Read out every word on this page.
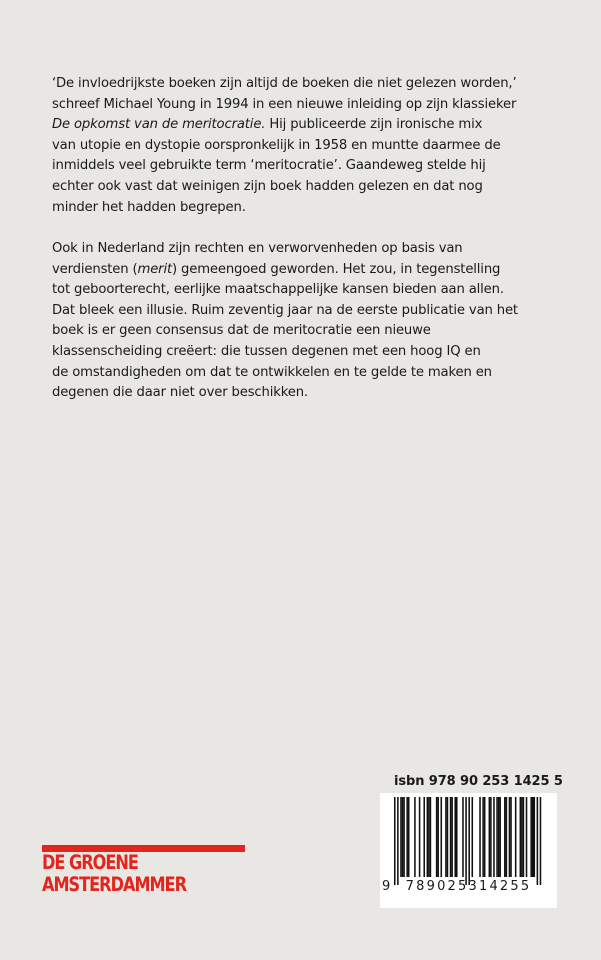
‘De invloedrijkste boeken zijn altijd de boeken die niet gelezen worden,’
schreef Michael Young in 1994 in een nieuwe inleiding op zijn klassieker
De opkomst van de meritocratie. Hij publiceerde zijn ironische mix
van utopie en dystopie oorspronkelijk in 1958 en muntte daarmee de
inmiddels veel gebruikte term ‘meritocratie’. Gaandeweg stelde hij
echter ook vast dat weinigen zijn boek hadden gelezen en dat nog
minder het hadden begrepen.
Ook in Nederland zijn rechten en verworvenheden op basis van
verdiensten (merit) gemeengoed geworden. Het zou, in tegenstelling
tot geboorterecht, eerlijke maatschappelijke kansen bieden aan allen.
Dat bleek een illusie. Ruim zeventig jaar na de eerste publicatie van het
boek is er geen consensus dat de meritocratie een nieuwe
klassenscheiding creëert: die tussen degenen met een hoog IQ en
de omstandigheden om dat te ontwikkelen en te gelde te maken en
degenen die daar niet over beschikken.
isbn 978 90 253 1425 5
9	789025314255
DE GROENE
AMSTERDAMMER
